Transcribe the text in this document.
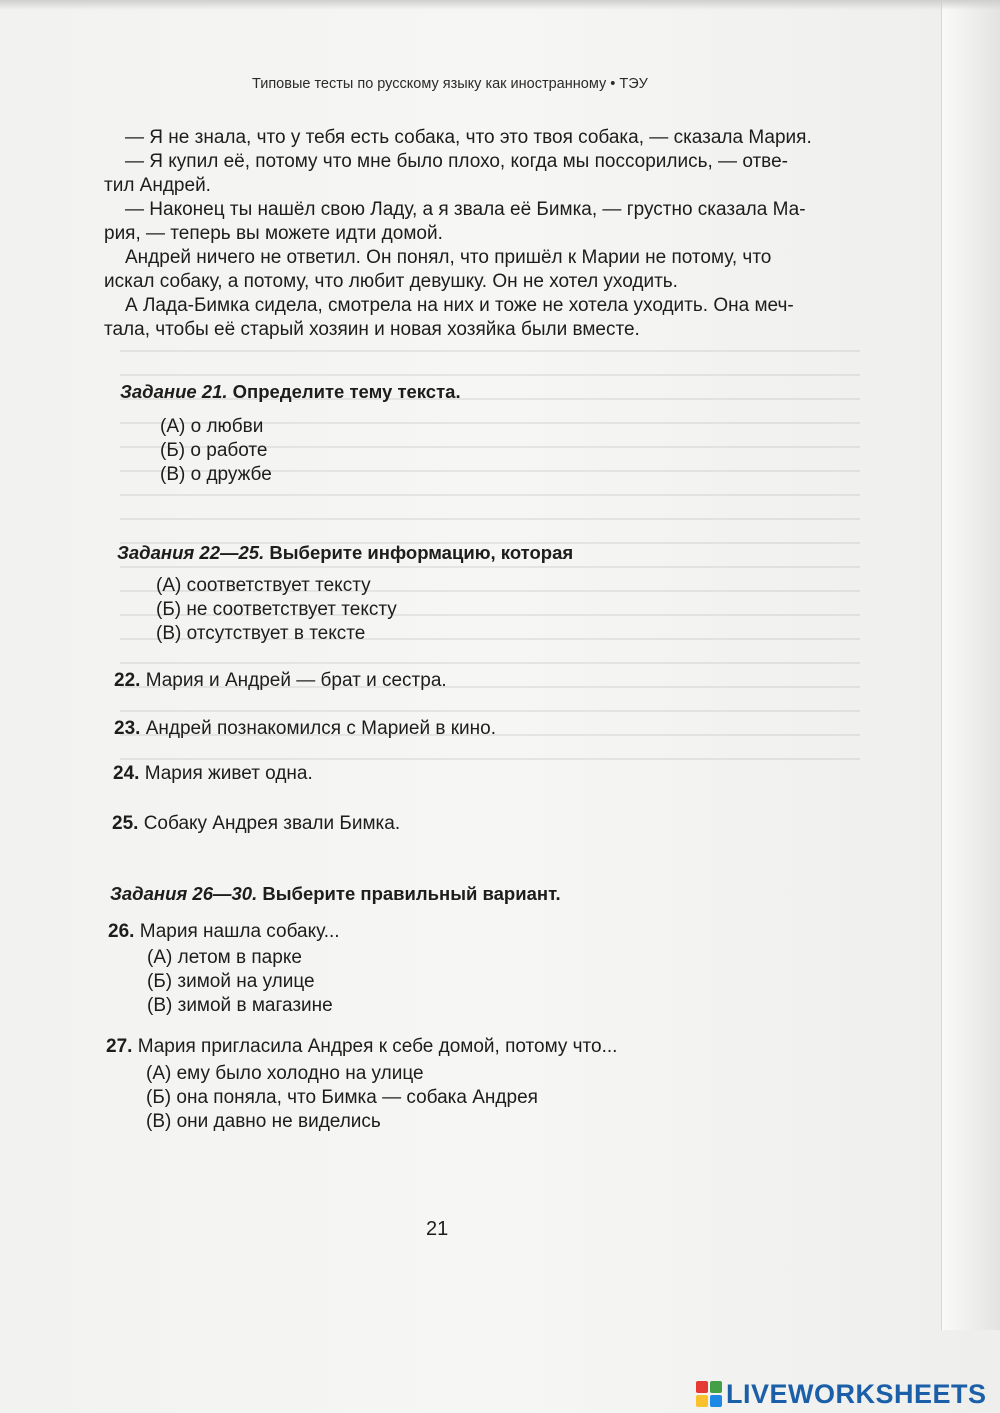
Типовые тесты по русскому языку как иностранному • ТЭУ
— Я не знала, что у тебя есть собака, что это твоя собака, — сказала Мария.
— Я купил её, потому что мне было плохо, когда мы поссорились, — отве-
тил Андрей.
— Наконец ты нашёл свою Ладу, а я звала её Бимка, — грустно сказала Ма-
рия, — теперь вы можете идти домой.
Андрей ничего не ответил. Он понял, что пришёл к Марии не потому, что
искал собаку, а потому, что любит девушку. Он не хотел уходить.
А Лада-Бимка сидела, смотрела на них и тоже не хотела уходить. Она меч-
тала, чтобы её старый хозяин и новая хозяйка были вместе.
Задание 21. Определите тему текста.
(А) о любви
(Б) о работе
(В) о дружбе
Задания 22—25. Выберите информацию, которая
(А) соответствует тексту
(Б) не соответствует тексту
(В) отсутствует в тексте
22. Мария и Андрей — брат и сестра.
23. Андрей познакомился с Марией в кино.
24. Мария живет одна.
25. Собаку Андрея звали Бимка.
Задания 26—30. Выберите правильный вариант.
26. Мария нашла собаку...
(А) летом в парке
(Б) зимой на улице
(В) зимой в магазине
27. Мария пригласила Андрея к себе домой, потому что...
(А) ему было холодно на улице
(Б) она поняла, что Бимка — собака Андрея
(В) они давно не виделись
21
LIVEWORKSHEETS
